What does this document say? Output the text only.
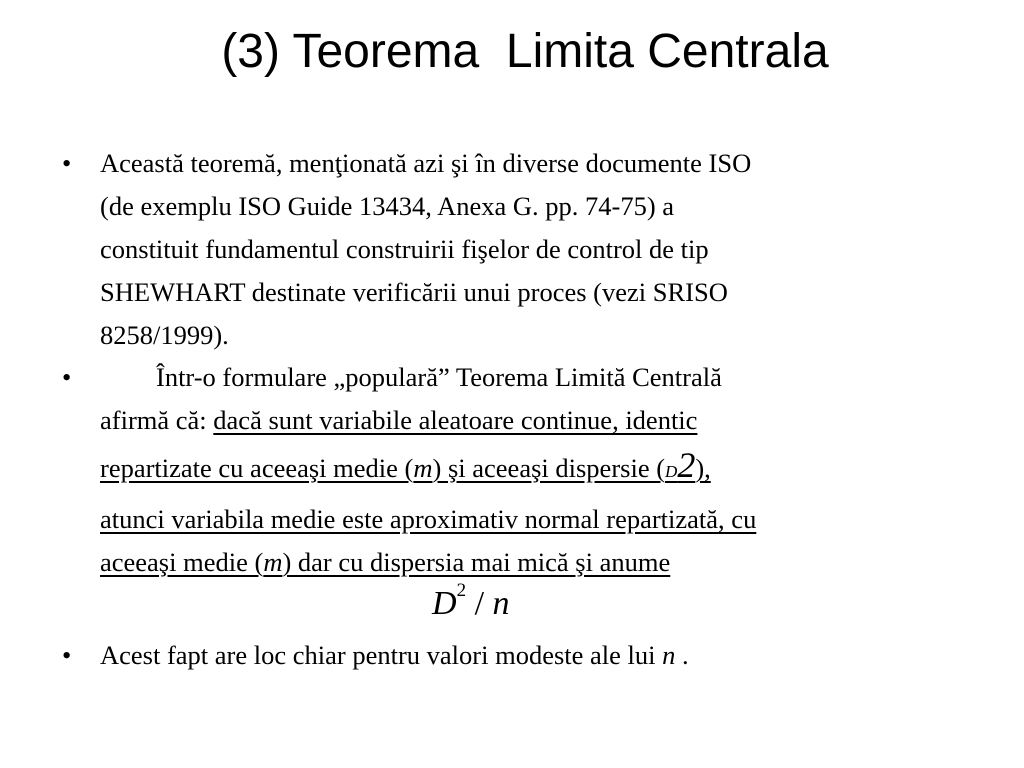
(3) Teorema  Limita Centrala
• Această teoremă, menţionată azi şi în diverse documente ISO
(de exemplu ISO Guide 13434, Anexa G. pp. 74-75) a
constituit fundamentul construirii fişelor de control de tip
SHEWHART destinate verificării unui proces (vezi SRISO
8258/1999).
•	Într-o formulare „populară” Teorema Limită Centrală
afirmă că: dacă sunt variabile aleatoare continue, identic
repartizate cu aceeaşi medie (m) şi aceeaşi dispersie (D2),
atunci variabila medie este aproximativ normal repartizată, cu
aceeaşi medie (m) dar cu dispersia mai mică şi anume
$D^2$ / n
• Acest fapt are loc chiar pentru valori modeste ale lui n .
